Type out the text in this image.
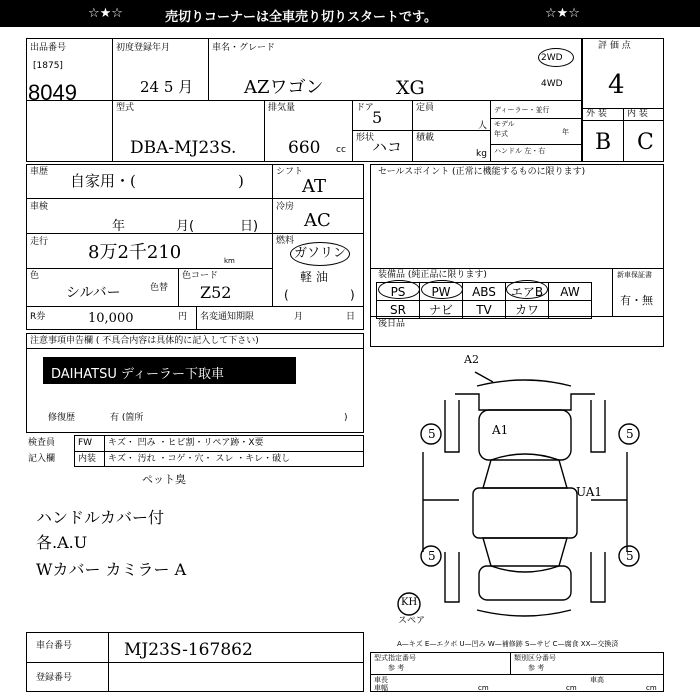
☆★☆	売切りコーナーは全車売り切りスタートです。	☆★☆
出品番号
[1875]
8049
初度登録年月
24 5 月
車名・グレード
AZワゴン	XG
2WD
4WD
評 価 点
4
外 装 内 装
B C
型式
DBA-MJ23S.
排気量
660 cc
ドア
5
形状
ハコ
定員
人
積載
kg
ディーラー・並行
モデル
年式	年
ハンドル 左・右
車歴 自家用・(	)
車検
年	月(	日)
走行 8万2千210	km
色
シルバー	色替
色コード
Z52
シフト
AT
冷房
AC
燃料
ガソリン
軽 油
(	)
R券	10,000	円 名変通知期限	月	日
注意事項申告欄 ( 不具合内容は具体的に記入して下さい)
DAIHATSU ディーラー下取車
修復歴	有 (箇所	)
検査員
記入欄
FW キズ・ 凹み ・ヒビ割・リペア跡・X要
内装 キズ・ 汚れ ・コゲ・穴・ スレ ・キレ・破し
ペット臭
ハンドルカバー付
各.A.U
Wカバー カミラー A
セールスポイント (正常に機能するものに限ります)
装備品 (純正品に限ります)	新車保証書
有・無
PS	PW	ABS	エアB	AW
SR	ナビ	TV	カワ	
後日品
A2
A1
UA1
5	5
5	5
KH
スペア
A—キズ E—エクボ U—凹み W—補修跡 S—サビ C—腐食 XX—交換済
車台番号	MJ23S-167862
登録番号
型式指定番号
参 考
類別区分番号
参 考
車長
cm
車幅	cm
車高
cm
